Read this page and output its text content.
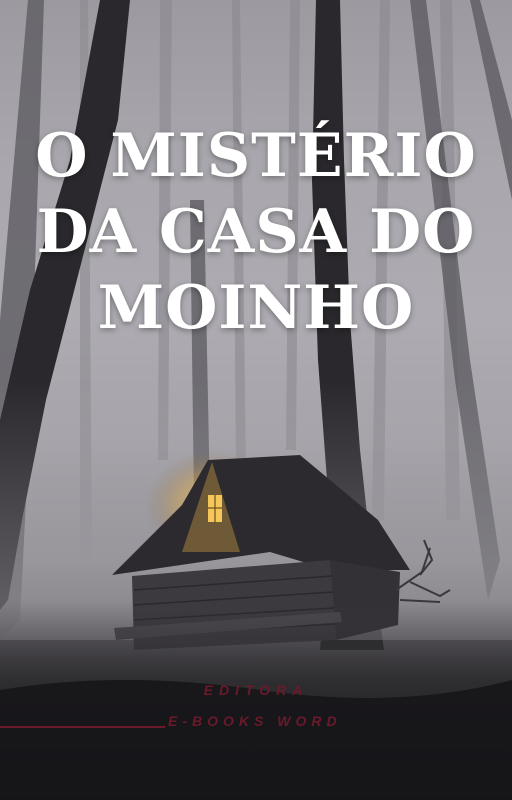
O MISTÉRIO
DA CASA DO
MOINHO
EDITORA
E-BOOKS WORD
